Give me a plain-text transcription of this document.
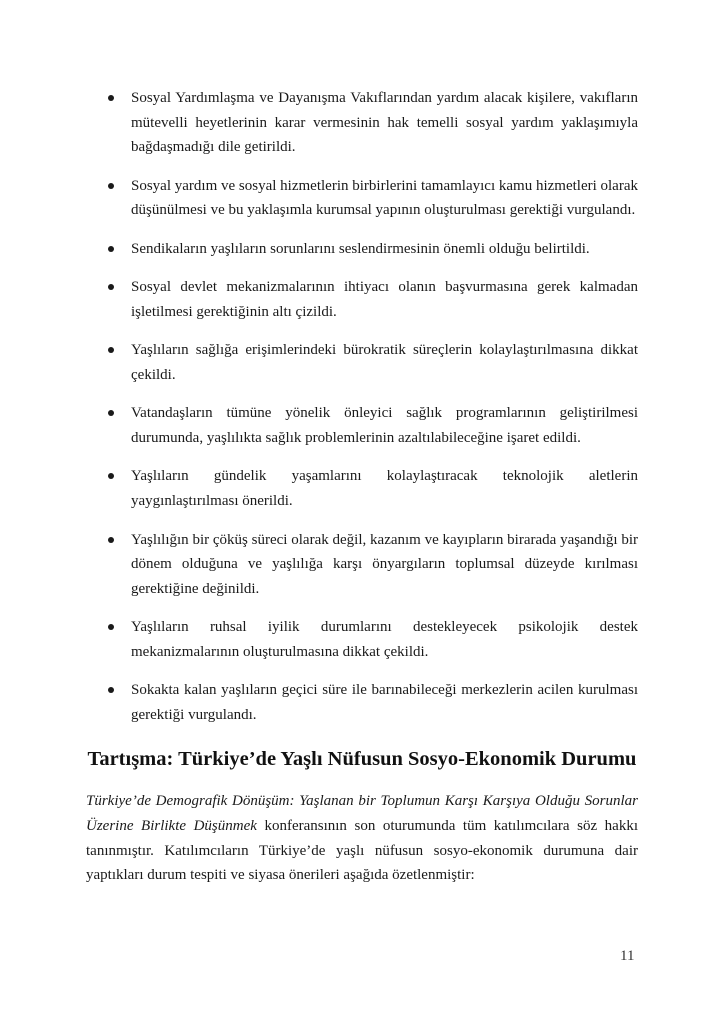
Sosyal Yardımlaşma ve Dayanışma Vakıflarından yardım alacak kişilere, vakıfların mütevelli heyetlerinin karar vermesinin hak temelli sosyal yardım yaklaşımıyla bağdaşmadığı dile getirildi.
Sosyal yardım ve sosyal hizmetlerin birbirlerini tamamlayıcı kamu hizmetleri olarak düşünülmesi ve bu yaklaşımla kurumsal yapının oluşturulması gerektiği vurgulandı.
Sendikaların yaşlıların sorunlarını seslendirmesinin önemli olduğu belirtildi.
Sosyal devlet mekanizmalarının ihtiyacı olanın başvurmasına gerek kalmadan işletilmesi gerektiğinin altı çizildi.
Yaşlıların sağlığa erişimlerindeki bürokratik süreçlerin kolaylaştırılmasına dikkat çekildi.
Vatandaşların tümüne yönelik önleyici sağlık programlarının geliştirilmesi durumunda, yaşlılıkta sağlık problemlerinin azaltılabileceğine işaret edildi.
Yaşlıların gündelik yaşamlarını kolaylaştıracak teknolojik aletlerin yaygınlaştırılması önerildi.
Yaşlılığın bir çöküş süreci olarak değil, kazanım ve kayıpların birarada yaşandığı bir dönem olduğuna ve yaşlılığa karşı önyargıların toplumsal düzeyde kırılması gerektiğine değinildi.
Yaşlıların ruhsal iyilik durumlarını destekleyecek psikolojik destek mekanizmalarının oluşturulmasına dikkat çekildi.
Sokakta kalan yaşlıların geçici süre ile barınabileceği merkezlerin acilen kurulması gerektiği vurgulandı.
Tartışma: Türkiye’de Yaşlı Nüfusun Sosyo-Ekonomik Durumu

Türkiye’de Demografik Dönüşüm: Yaşlanan bir Toplumun Karşı Karşıya Olduğu Sorunlar Üzerine Birlikte Düşünmek konferansının son oturumunda tüm katılımcılara söz hakkı tanınmıştır. Katılımcıların Türkiye’de yaşlı nüfusun sosyo-ekonomik durumuna dair yaptıkları durum tespiti ve siyasa önerileri aşağıda özetlenmiştir:

11
